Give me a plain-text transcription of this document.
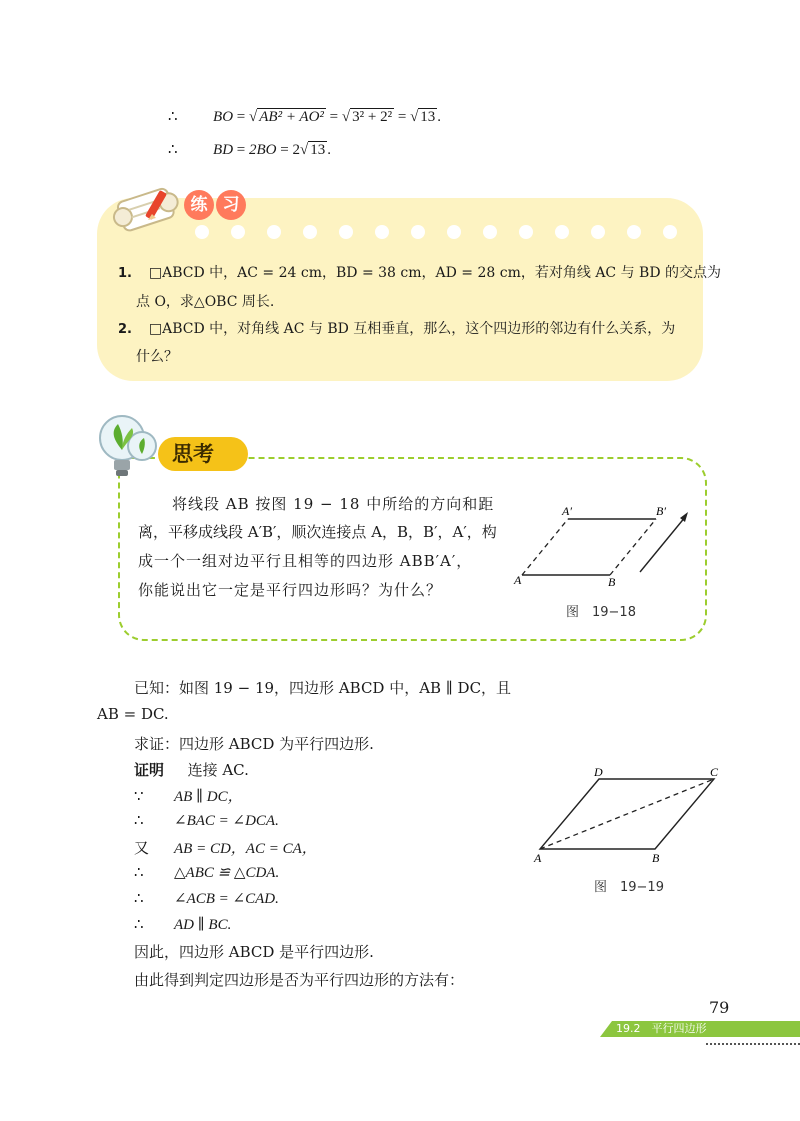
∴ BO = √ AB² + AO² = √ 3² + 2² = √ 13 .
∴ BD = 2BO = 2√ 13 .
练 习
1. □ABCD 中，AC = 24 cm，BD = 38 cm，AD = 28 cm，若对角线 AC 与 BD 的交点为
点 O，求△OBC 周长.
2. □ABCD 中，对角线 AC 与 BD 互相垂直，那么，这个四边形的邻边有什么关系，为
什么？
思考
将线段 AB 按图 19 − 18 中所给的方向和距
离，平移成线段 A′B′，顺次连接点 A，B，B′，A′，构
成一个一组对边平行且相等的四边形 ABB′A′，
你能说出它一定是平行四边形吗？为什么？
A	B
A′	B′
图　19−18
已知：如图 19 − 19，四边形 ABCD 中，AB ∥ DC，且
AB = DC.
求证：四边形 ABCD 为平行四边形.
证明 连接 AC.
∵ AB ∥ DC，
∴ ∠BAC = ∠DCA.
又 AB = CD，AC = CA，
∴ △ABC ≌ △CDA.
∴ ∠ACB = ∠CAD.
∴ AD ∥ BC.
因此，四边形 ABCD 是平行四边形.
由此得到判定四边形是否为平行四边形的方法有：
A	B
C
D
图　19−19
79
19.2　平行四边形
